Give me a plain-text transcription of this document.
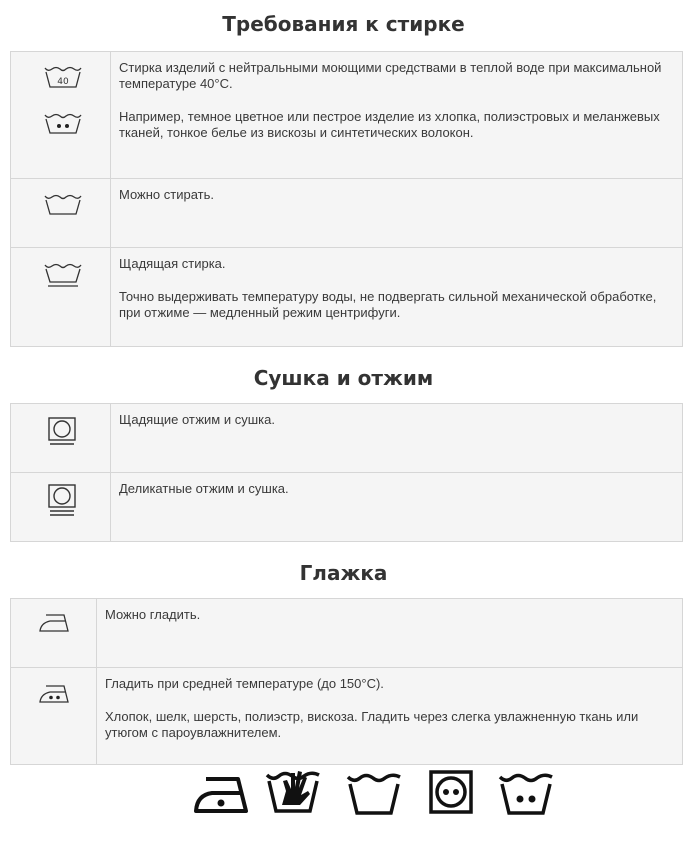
Требования к стирке
40	Стирка изделий с нейтральными моющими средствами в теплой воде при максимальной температуре 40°С.

Например, темное цветное или пестрое изделие из хлопка, полиэстровых и меланжевых тканей, тонкое белье из вискозы и синтетических волокон.

Можно стирать.

Щадящая стирка.

Точно выдерживать температуру воды, не подвергать сильной механической обработке, при отжиме — медленный режим центрифуги.

Сушка и отжим

Щадящие отжим и сушка.

Деликатные отжим и сушка.

Глажка

Можно гладить.

Гладить при средней температуре (до 150°С).

Хлопок, шелк, шерсть, полиэстр, вискоза. Гладить через слегка увлажненную ткань или утюгом с пароувлажнителем.
